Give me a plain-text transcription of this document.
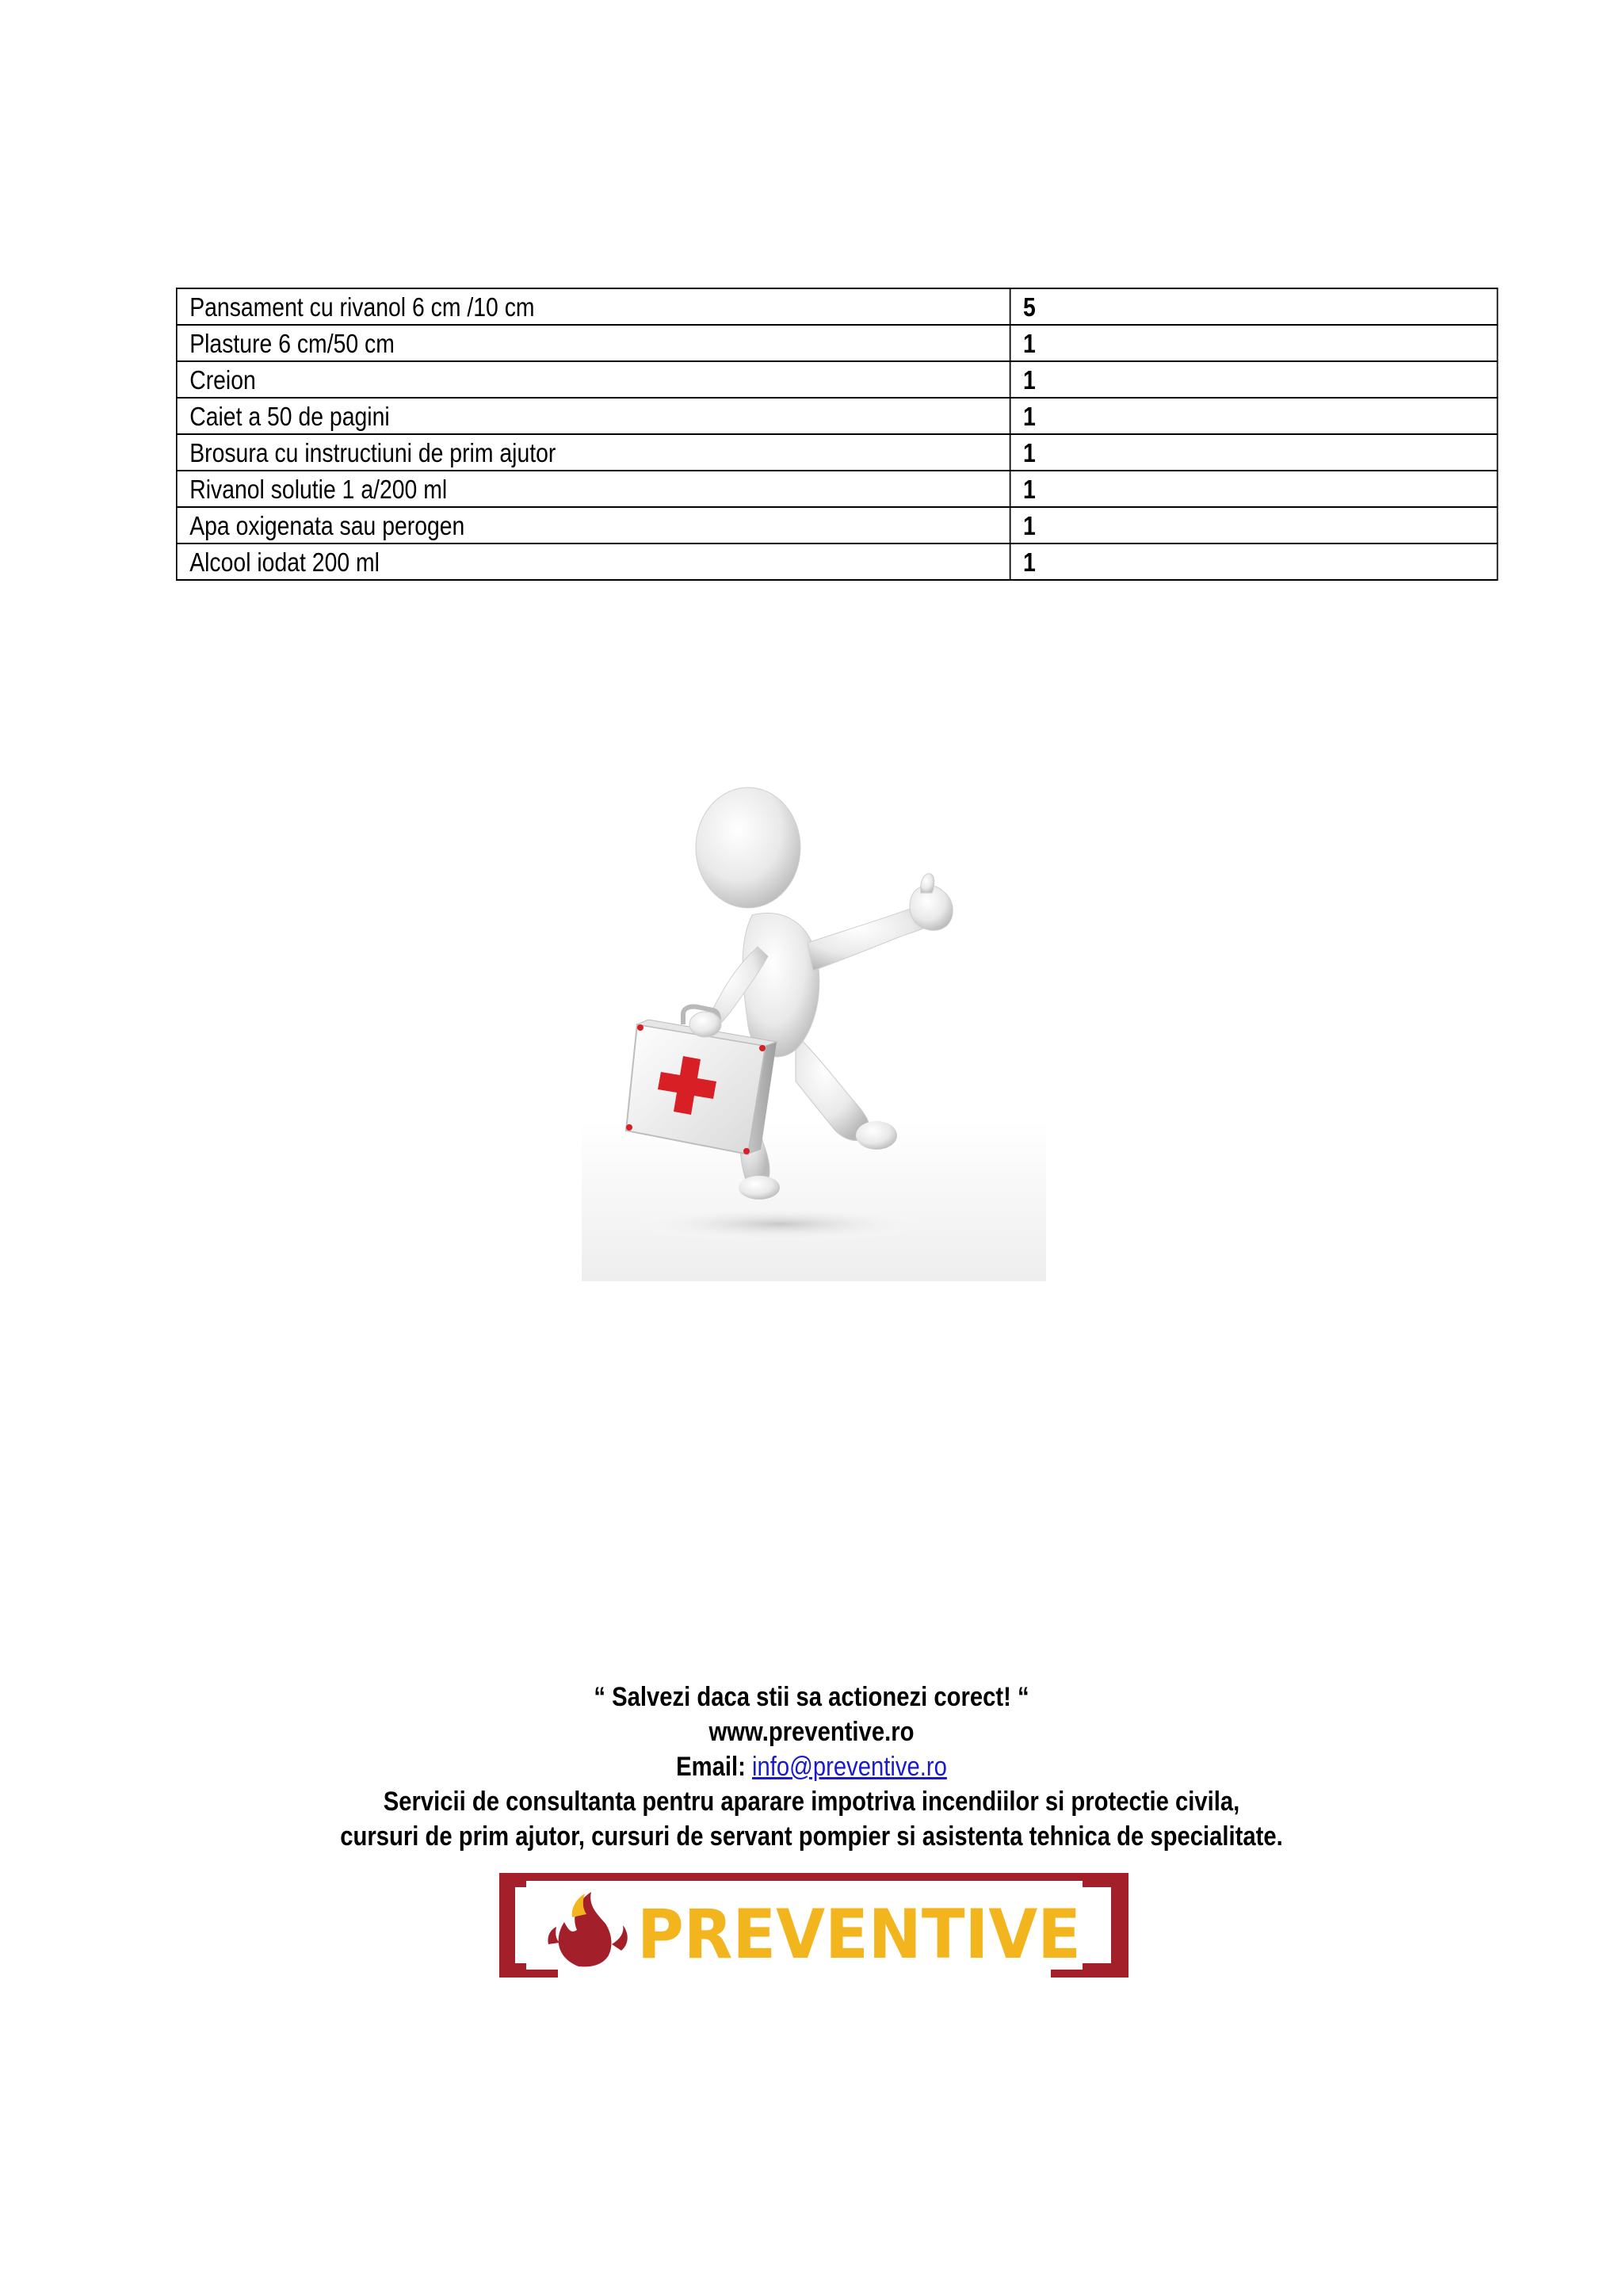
Pansament cu rivanol 6 cm /10 cm	5
Plasture 6 cm/50 cm	1
Creion	1
Caiet a 50 de pagini	1
Brosura cu instructiuni de prim ajutor	1
Rivanol solutie 1 a/200 ml	1
Apa oxigenata sau perogen	1
Alcool iodat 200 ml	1
“ Salvezi daca stii sa actionezi corect! “
www.preventive.ro
Email: info@preventive.ro
Servicii de consultanta pentru aparare impotriva incendiilor si protectie civila,
cursuri de prim ajutor, cursuri de servant pompier si asistenta tehnica de specialitate.
PREVENTIVE
